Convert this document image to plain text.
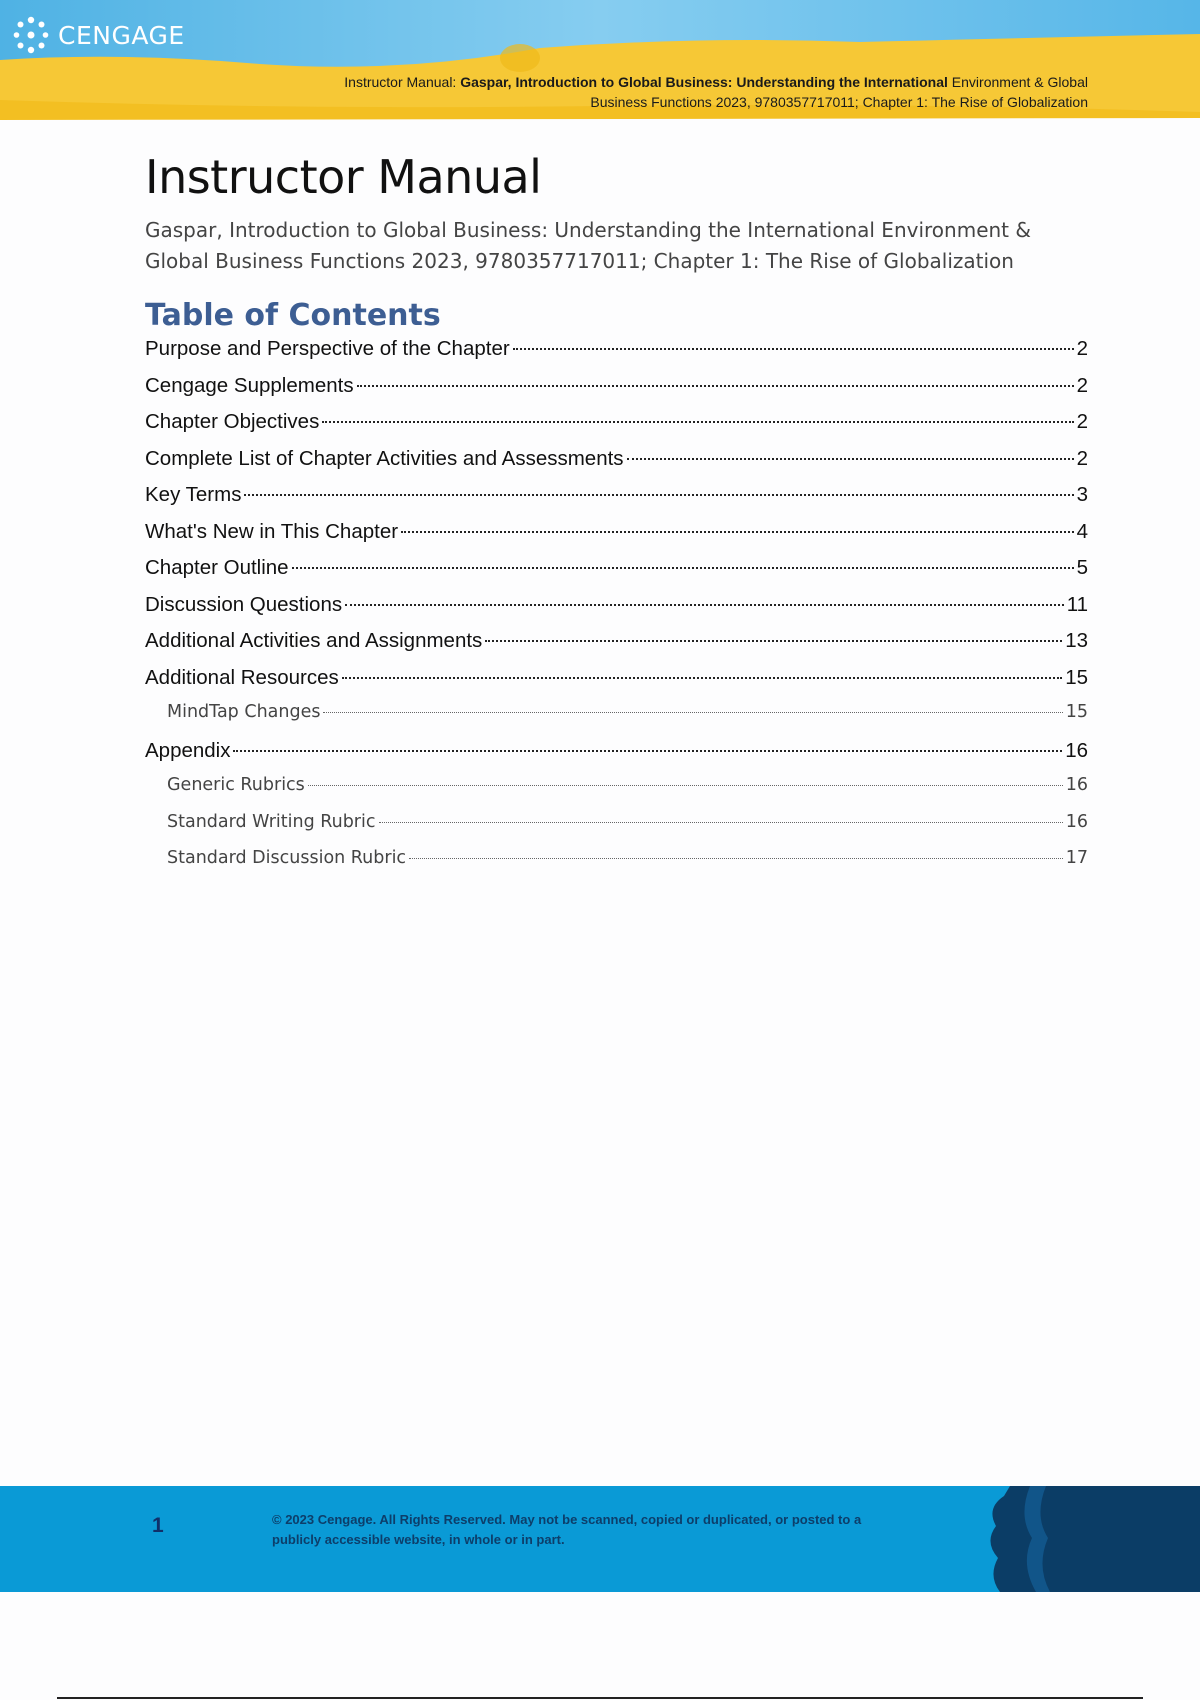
CENGAGE
Instructor Manual: Gaspar, Introduction to Global Business: Understanding the International Environment & Global
Business Functions 2023, 9780357717011; Chapter 1: The Rise of Globalization
Instructor Manual

Gaspar, Introduction to Global Business: Understanding the International Environment & Global Business Functions 2023, 9780357717011; Chapter 1: The Rise of Globalization

Table of Contents
Purpose and Perspective of the Chapter	2
Cengage Supplements	2
Chapter Objectives	2
Complete List of Chapter Activities and Assessments	2
Key Terms	3
What's New in This Chapter	4
Chapter Outline	5
Discussion Questions	11
Additional Activities and Assignments	13
Additional Resources	15
MindTap Changes	15
Appendix	16
Generic Rubrics	16
Standard Writing Rubric	16
Standard Discussion Rubric	17
1	© 2023 Cengage. All Rights Reserved. May not be scanned, copied or duplicated, or posted to a publicly accessible website, in whole or in part.
